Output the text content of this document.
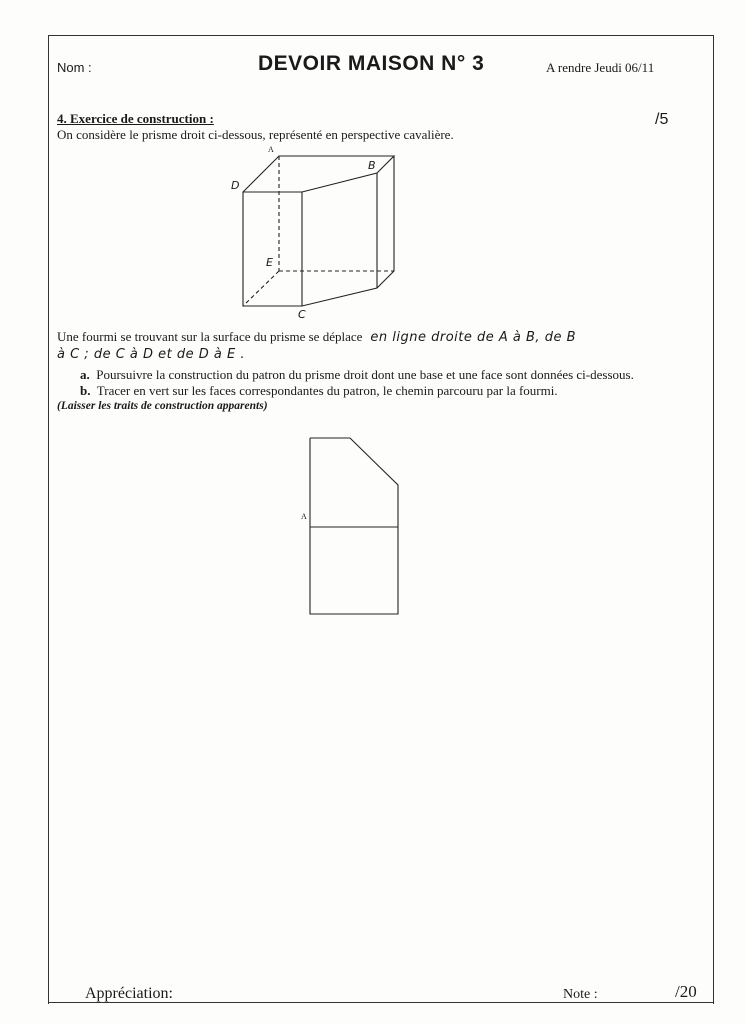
Nom :	DEVOIR MAISON N° 3	A rendre Jeudi 06/11
4. Exercice de construction :	/5
On considère le prisme droit ci-dessous, représenté en perspective cavalière.
A
B
D
E
C
Une fourmi se trouvant sur la surface du prisme se déplace en ligne droite de A à B, de B
à C ; de C à D et de D à E .
a. Poursuivre la construction du patron du prisme droit dont une base et une face sont données ci-dessous.
b. Tracer en vert sur les faces correspondantes du patron, le chemin parcouru par la fourmi.
(Laisser les traits de construction apparents)
A
Appréciation:	Note :	/20
